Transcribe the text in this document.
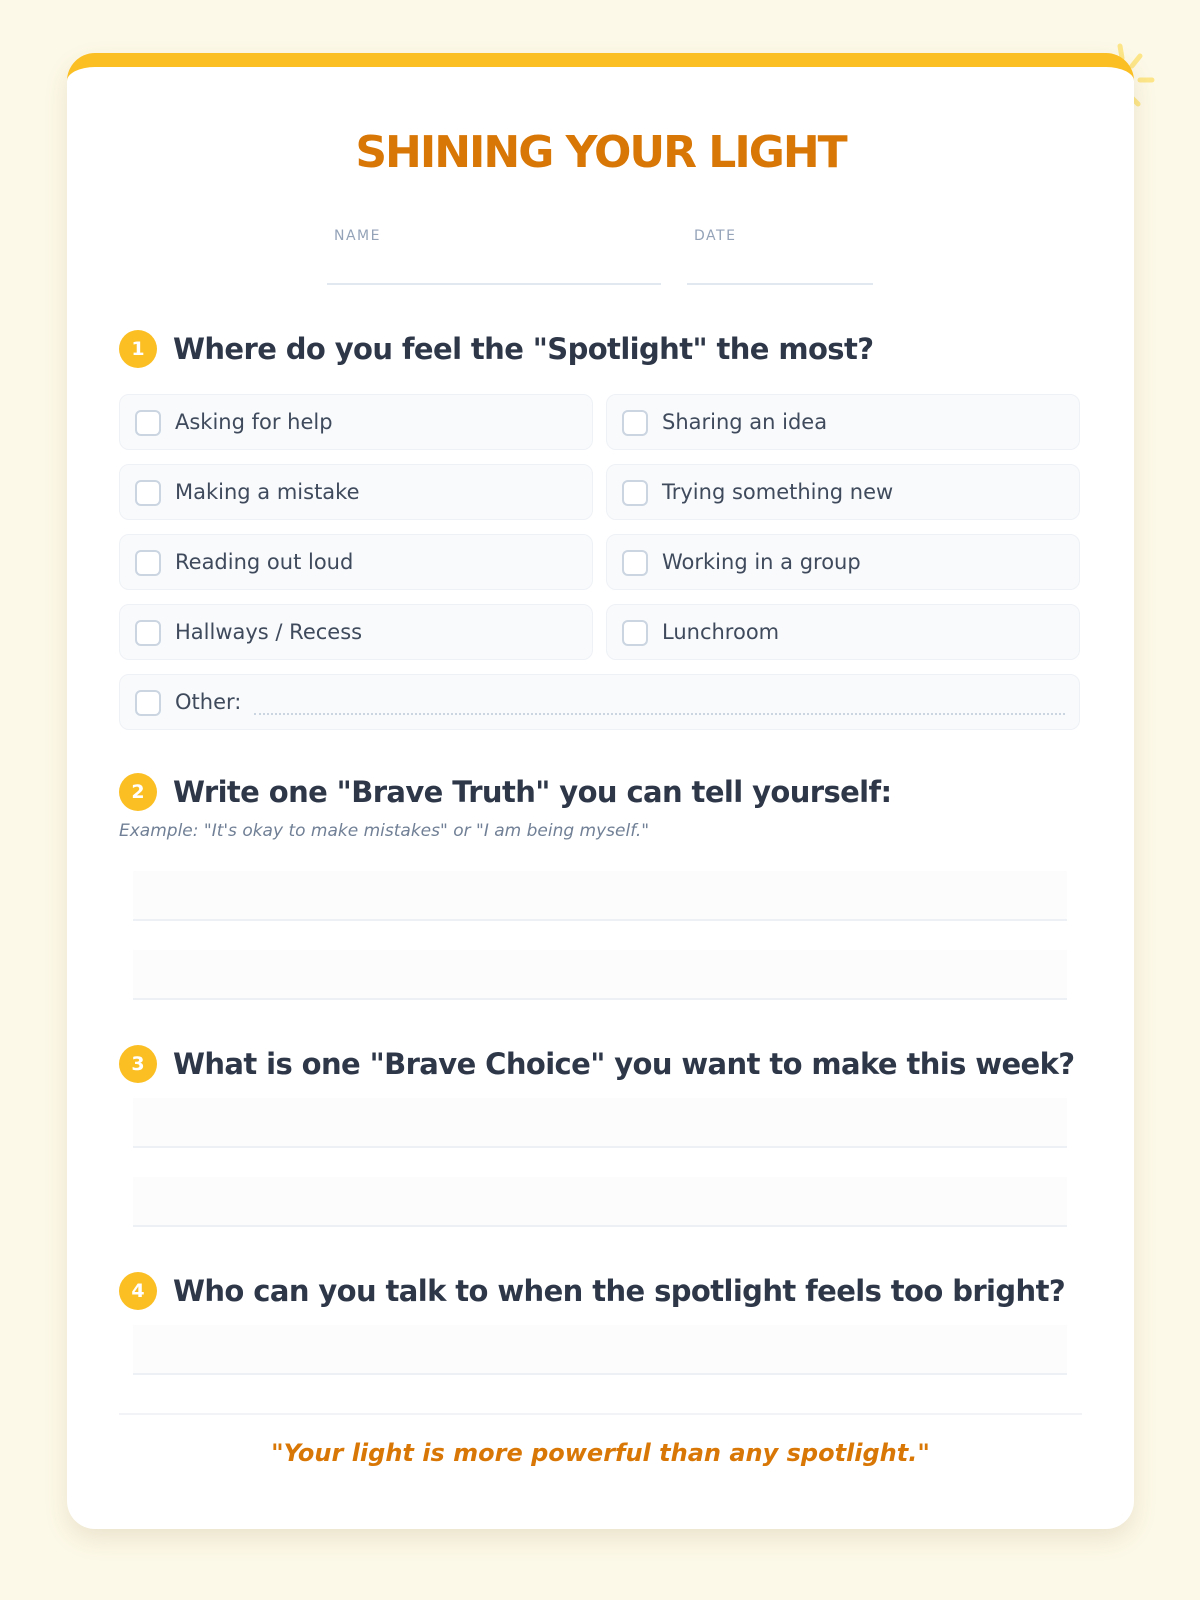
SHINING YOUR LIGHT
NAME	DATE
1 Where do you feel the "Spotlight" the most?
Asking for help	Sharing an idea
Making a mistake	Trying something new
Reading out loud	Working in a group
Hallways / Recess	Lunchroom
Other:
2 Write one "Brave Truth" you can tell yourself:
Example: "It's okay to make mistakes" or "I am being myself."
3 What is one "Brave Choice" you want to make this week?
4 Who can you talk to when the spotlight feels too bright?
"Your light is more powerful than any spotlight."
